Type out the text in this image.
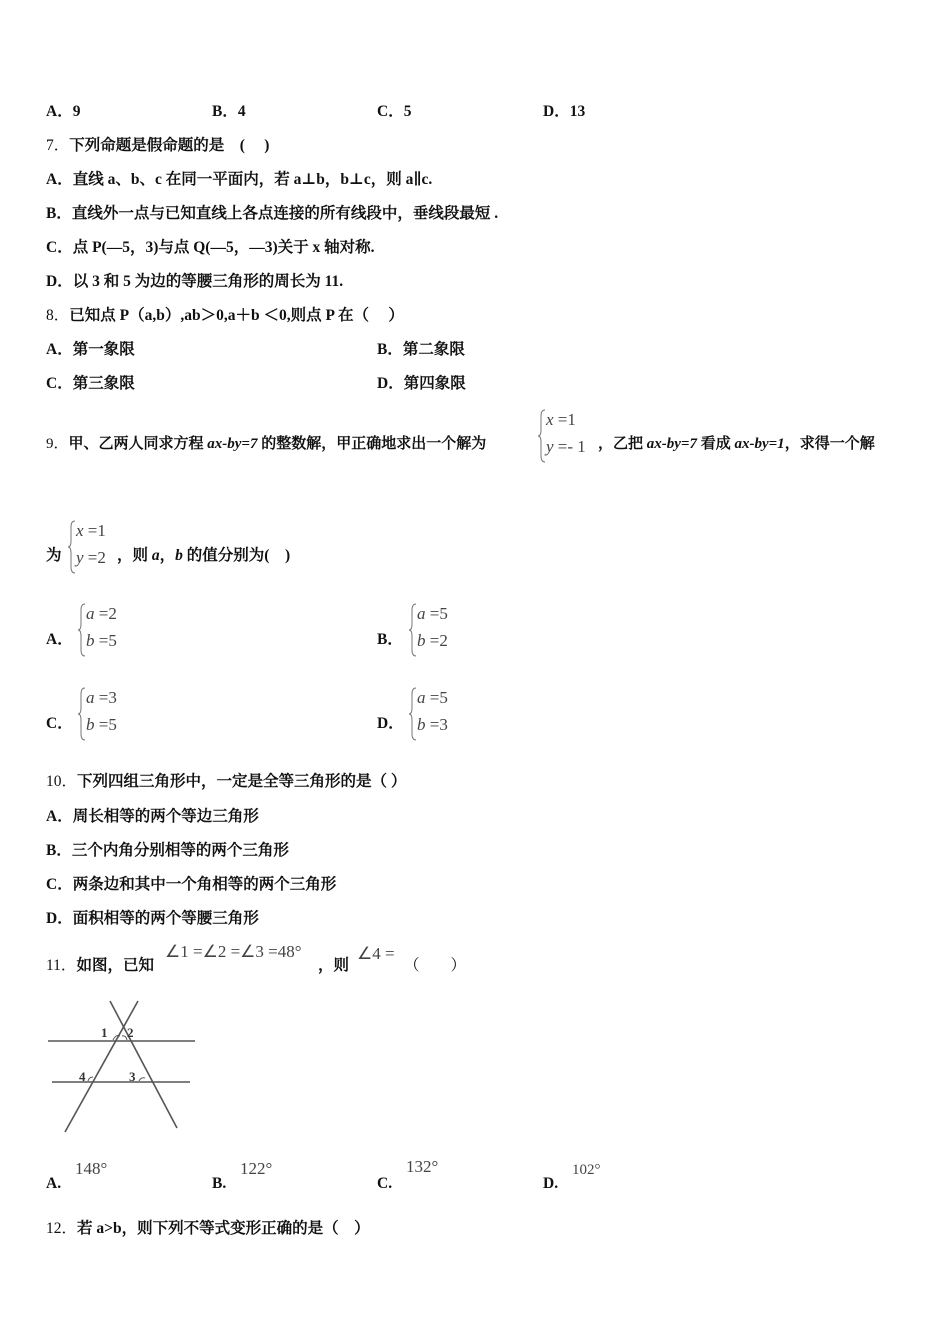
A．9	B．4	C．5	D．13
7．下列命题是假命题的是　( 　)
A．直线 a、b、c 在同一平面内，若 a⊥b，b⊥c，则 a∥c.
B．直线外一点与已知直线上各点连接的所有线段中，垂线段最短 .
C．点 P(—5，3)与点 Q(—5，—3)关于 x 轴对称.
D．以 3 和 5 为边的等腰三角形的周长为 11.
8．已知点 P（a,b）,ab＞0,a＋b ＜0,则点 P 在（　 ）
A．第一象限	B．第二象限
C．第三象限	D．第四象限
9．甲、乙两人同求方程 ax-by=7 的整数解，甲正确地求出一个解为
x =1
y =- 1 ，乙把 ax-by=7 看成 ax-by=1，求得一个解
为
x =1
y =2 ，则 a，b 的值分别为(　)
A．
a =2
b =5	B．
a =5
b =2
C．
a =3
b =5	D．
a =5
b =3
10．下列四组三角形中，一定是全等三角形的是（ ）
A．周长相等的两个等边三角形
B．三个内角分别相等的两个三角形
C．两条边和其中一个角相等的两个三角形
D．面积相等的两个等腰三角形
11．如图，已知
∠1 =∠2 =∠3 =48°
，则
∠4 =
（　　）
1 2
3
4
A.
148°
B.
122°
C.
132°
D.
102°
12．若 a>b，则下列不等式变形正确的是（　）
